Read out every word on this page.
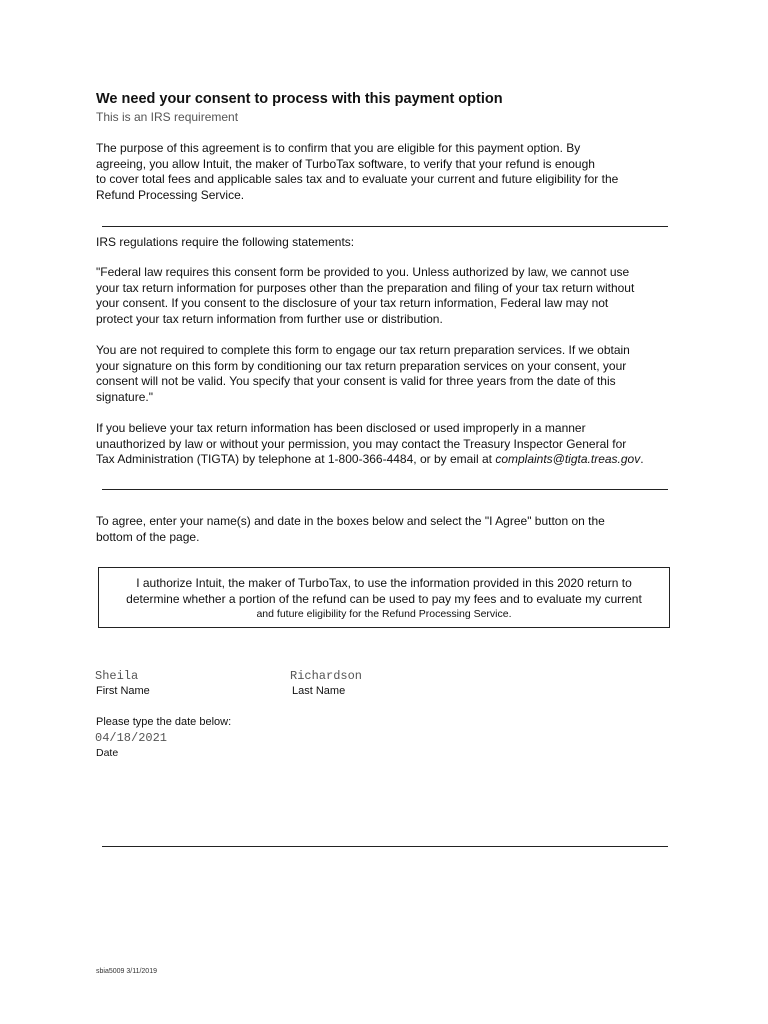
We need your consent to process with this payment option
This is an IRS requirement
The purpose of this agreement is to confirm that you are eligible for this payment option. By
agreeing, you allow Intuit, the maker of TurboTax software, to verify that your refund is enough
to cover total fees and applicable sales tax and to evaluate your current and future eligibility for the
Refund Processing Service.
IRS regulations require the following statements:
"Federal law requires this consent form be provided to you. Unless authorized by law, we cannot use
your tax return information for purposes other than the preparation and filing of your tax return without
your consent. If you consent to the disclosure of your tax return information, Federal law may not
protect your tax return information from further use or distribution.
You are not required to complete this form to engage our tax return preparation services. If we obtain
your signature on this form by conditioning our tax return preparation services on your consent, your
consent will not be valid. You specify that your consent is valid for three years from the date of this
signature."
If you believe your tax return information has been disclosed or used improperly in a manner
unauthorized by law or without your permission, you may contact the Treasury Inspector General for
Tax Administration (TIGTA) by telephone at 1-800-366-4484, or by email at complaints@tigta.treas.gov.
To agree, enter your name(s) and date in the boxes below and select the "I Agree" button on the
bottom of the page.
I authorize Intuit, the maker of TurboTax, to use the information provided in this 2020 return to
determine whether a portion of the refund can be used to pay my fees and to evaluate my current
and future eligibility for the Refund Processing Service.
Sheila
First Name
Richardson
Last Name
Please type the date below:
04/18/2021
Date
sbia5009 3/11/2019
